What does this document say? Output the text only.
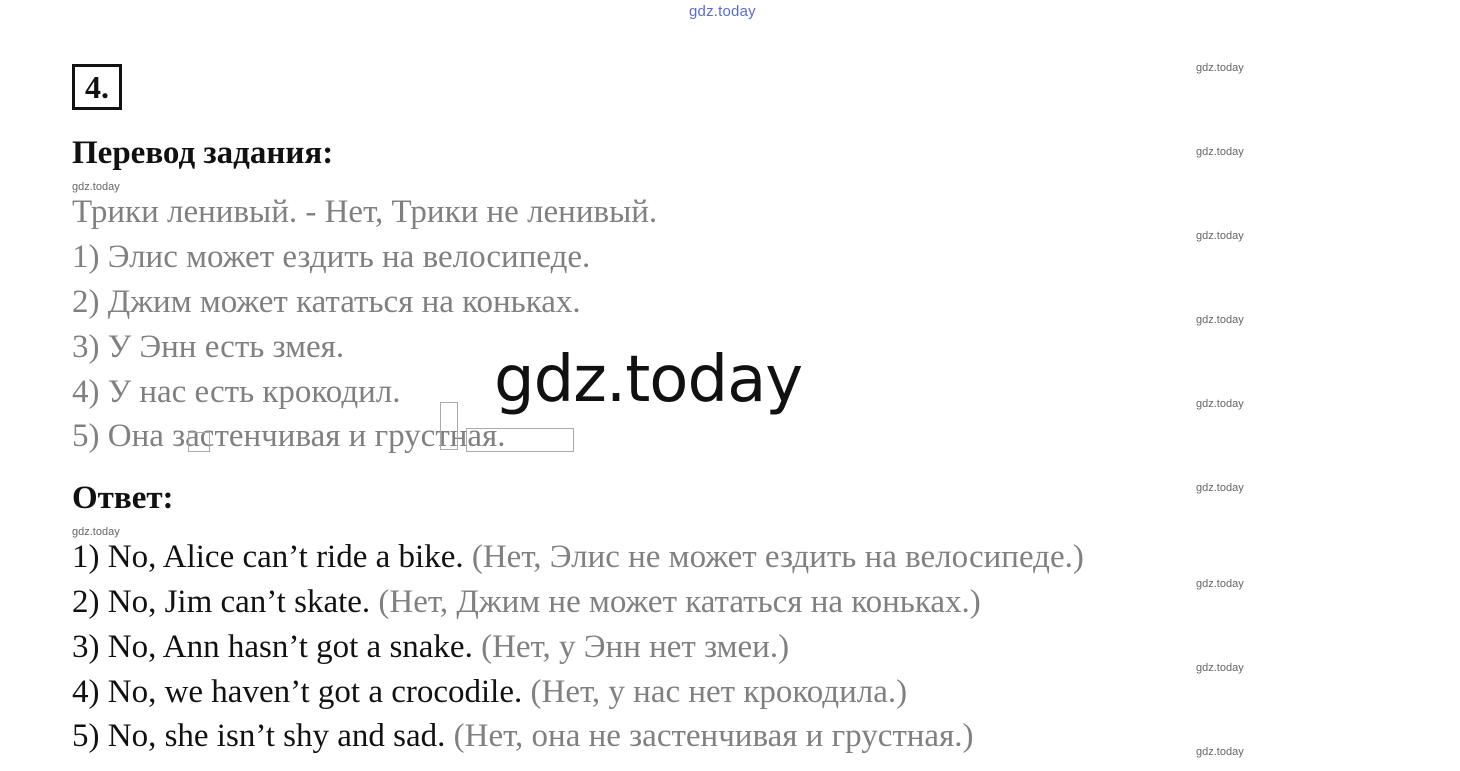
gdz.today
gdz.today
gdz.today
gdz.today
gdz.today
gdz.today
gdz.today
gdz.today
gdz.today
gdz.today
gdz.today
4.
Перевод задания:
Трики ленивый. - Нет, Трики не ленивый.
1) Элис может ездить на велосипеде.
2) Джим может кататься на коньках.
3) У Энн есть змея.
4) У нас есть крокодил.
5) Она застенчивая и грустная.
gdz.today
Ответ:
1) No, Alice can’t ride a bike. (Нет, Элис не может ездить на велосипеде.)
2) No, Jim can’t skate. (Нет, Джим не может кататься на коньках.)
3) No, Ann hasn’t got a snake. (Нет, у Энн нет змеи.)
4) No, we haven’t got a crocodile. (Нет, у нас нет крокодила.)
5) No, she isn’t shy and sad. (Нет, она не застенчивая и грустная.)	gdz.today
